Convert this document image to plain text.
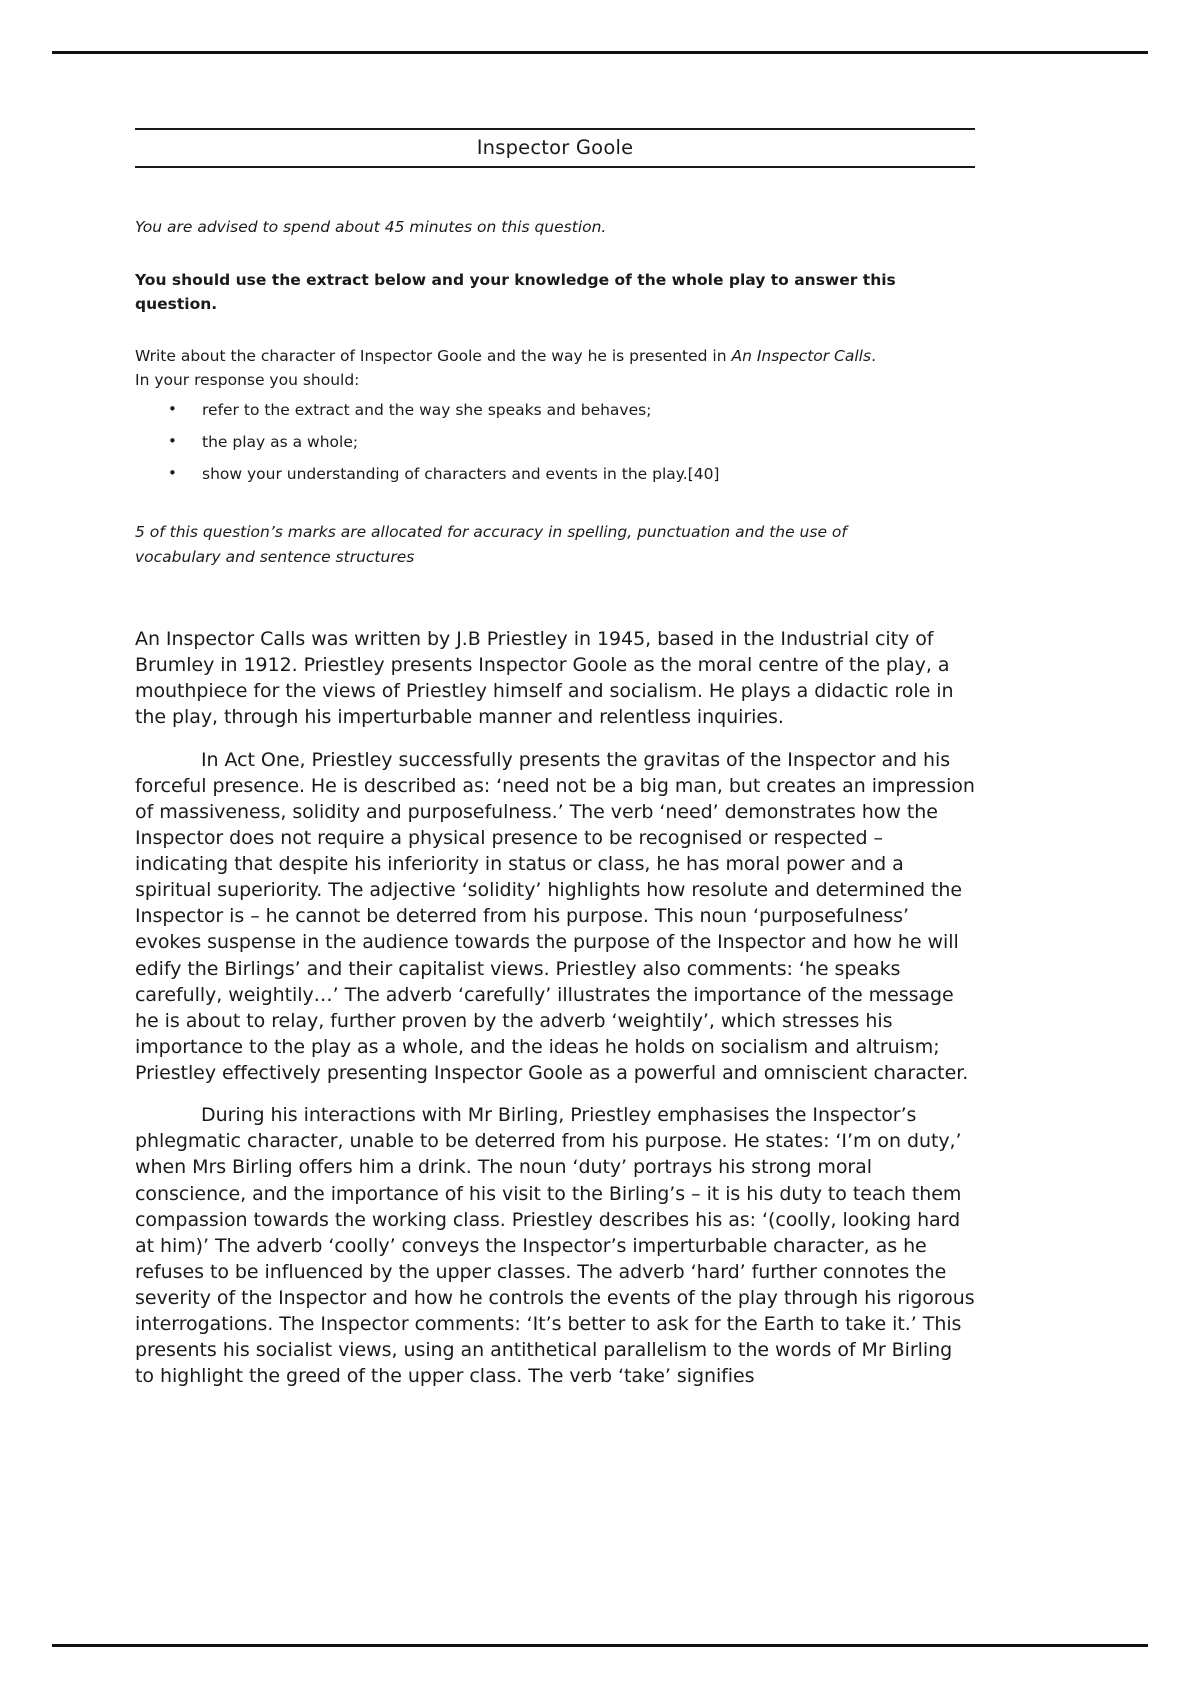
Inspector Goole
You are advised to spend about 45 minutes on this question.
You should use the extract below and your knowledge of the whole play to answer this question.
Write about the character of Inspector Goole and the way he is presented in An Inspector Calls.
In your response you should:
• refer to the extract and the way she speaks and behaves;
• the play as a whole;
• show your understanding of characters and events in the play.[40]
5 of this question’s marks are allocated for accuracy in spelling, punctuation and the use of vocabulary and sentence structures

An Inspector Calls was written by J.B Priestley in 1945, based in the Industrial city of Brumley in 1912. Priestley presents Inspector Goole as the moral centre of the play, a mouthpiece for the views of Priestley himself and socialism. He plays a didactic role in the play, through his imperturbable manner and relentless inquiries.

In Act One, Priestley successfully presents the gravitas of the Inspector and his forceful presence. He is described as: ‘need not be a big man, but creates an impression of massiveness, solidity and purposefulness.’ The verb ‘need’ demonstrates how the Inspector does not require a physical presence to be recognised or respected – indicating that despite his inferiority in status or class, he has moral power and a spiritual superiority. The adjective ‘solidity’ highlights how resolute and determined the Inspector is – he cannot be deterred from his purpose. This noun ‘purposefulness’ evokes suspense in the audience towards the purpose of the Inspector and how he will edify the Birlings’ and their capitalist views. Priestley also comments: ‘he speaks carefully, weightily…’ The adverb ‘carefully’ illustrates the importance of the message he is about to relay, further proven by the adverb ‘weightily’, which stresses his importance to the play as a whole, and the ideas he holds on socialism and altruism; Priestley effectively presenting Inspector Goole as a powerful and omniscient character.

During his interactions with Mr Birling, Priestley emphasises the Inspector’s phlegmatic character, unable to be deterred from his purpose. He states: ‘I’m on duty,’ when Mrs Birling offers him a drink. The noun ‘duty’ portrays his strong moral conscience, and the importance of his visit to the Birling’s – it is his duty to teach them compassion towards the working class. Priestley describes his as: ‘(coolly, looking hard at him)’ The adverb ‘coolly’ conveys the Inspector’s imperturbable character, as he refuses to be influenced by the upper classes. The adverb ‘hard’ further connotes the severity of the Inspector and how he controls the events of the play through his rigorous interrogations. The Inspector comments: ‘It’s better to ask for the Earth to take it.’ This presents his socialist views, using an antithetical parallelism to the words of Mr Birling to highlight the greed of the upper class. The verb ‘take’ signifies
